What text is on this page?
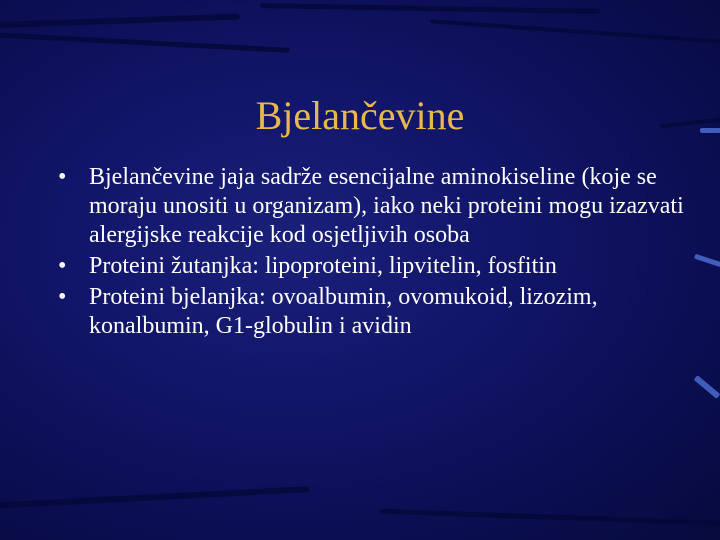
Bjelančevine
• Bjelančevine jaja sadrže esencijalne aminokiseline (koje se moraju unositi u organizam), iako neki proteini mogu izazvati alergijske reakcije kod osjetljivih osoba
• Proteini žutanjka: lipoproteini, lipvitelin, fosfitin
• Proteini bjelanjka: ovoalbumin, ovomukoid, lizozim, konalbumin, G1-globulin i avidin
